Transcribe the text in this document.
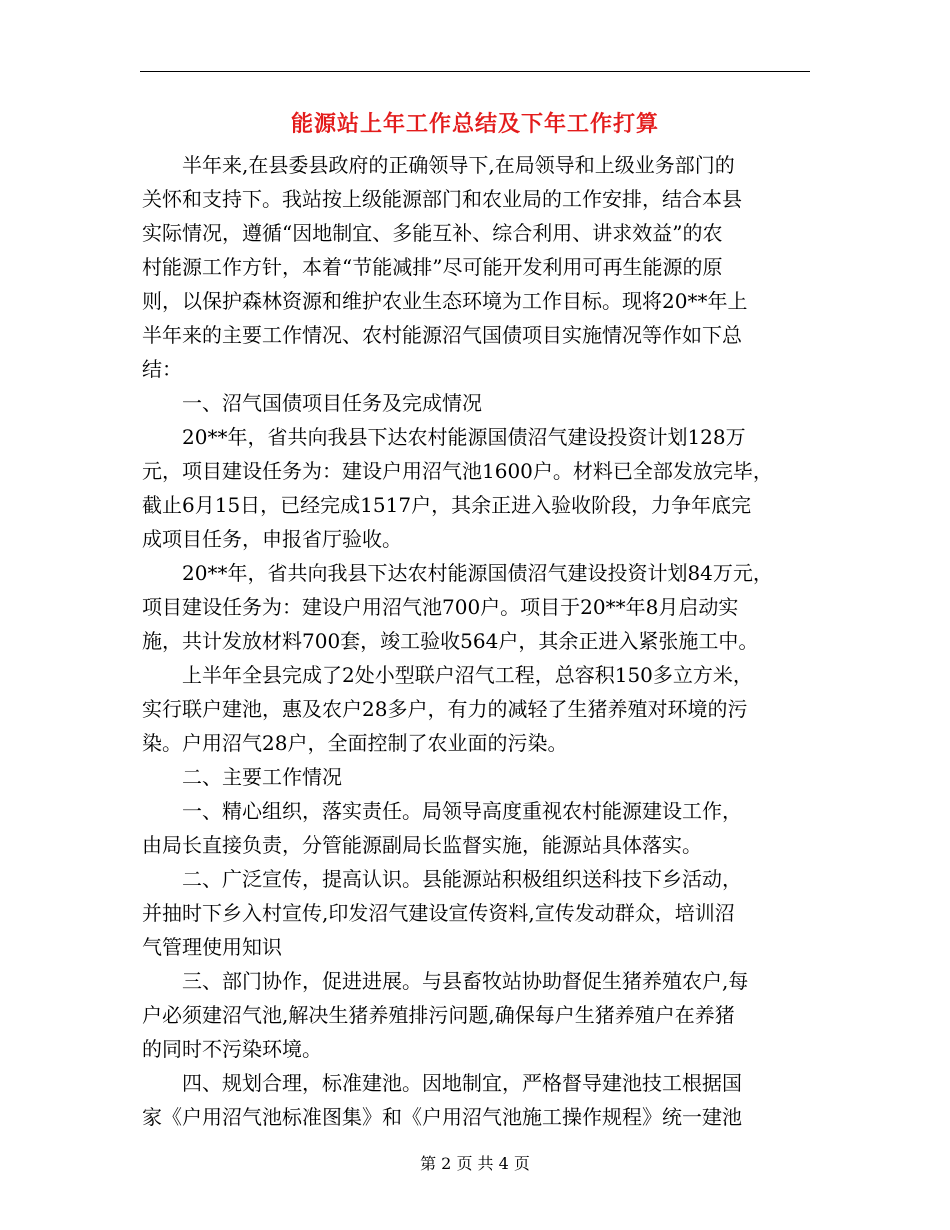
能源站上年工作总结及下年工作打算
　　半年来,在县委县政府的正确领导下,在局领导和上级业务部门的
关怀和支持下。我站按上级能源部门和农业局的工作安排，结合本县
实际情况，遵循“因地制宜、多能互补、综合利用、讲求效益”的农
村能源工作方针，本着“节能减排”尽可能开发利用可再生能源的原
则，以保护森林资源和维护农业生态环境为工作目标。现将20**年上
半年来的主要工作情况、农村能源沼气国债项目实施情况等作如下总
结：
　　一、沼气国债项目任务及完成情况
　　20**年，省共向我县下达农村能源国债沼气建设投资计划128万
元，项目建设任务为：建设户用沼气池1600户。材料已全部发放完毕，
截止6月15日，已经完成1517户，其余正进入验收阶段，力争年底完
成项目任务，申报省厅验收。
　　20**年，省共向我县下达农村能源国债沼气建设投资计划84万元，
项目建设任务为：建设户用沼气池700户。项目于20**年8月启动实
施，共计发放材料700套，竣工验收564户，其余正进入紧张施工中。
　　上半年全县完成了2处小型联户沼气工程，总容积150多立方米，
实行联户建池，惠及农户28多户，有力的减轻了生猪养殖对环境的污
染。户用沼气28户，全面控制了农业面的污染。
　　二、主要工作情况
　　一、精心组织，落实责任。局领导高度重视农村能源建设工作，
由局长直接负责，分管能源副局长监督实施，能源站具体落实。
　　二、广泛宣传，提高认识。县能源站积极组织送科技下乡活动，
并抽时下乡入村宣传,印发沼气建设宣传资料,宣传发动群众，培训沼
气管理使用知识
　　三、部门协作，促进进展。与县畜牧站协助督促生猪养殖农户,每
户必须建沼气池,解决生猪养殖排污问题,确保每户生猪养殖户在养猪
的同时不污染环境。
　　四、规划合理，标准建池。因地制宜，严格督导建池技工根据国
家《户用沼气池标准图集》和《户用沼气池施工操作规程》统一建池
第 2 页 共 4 页
